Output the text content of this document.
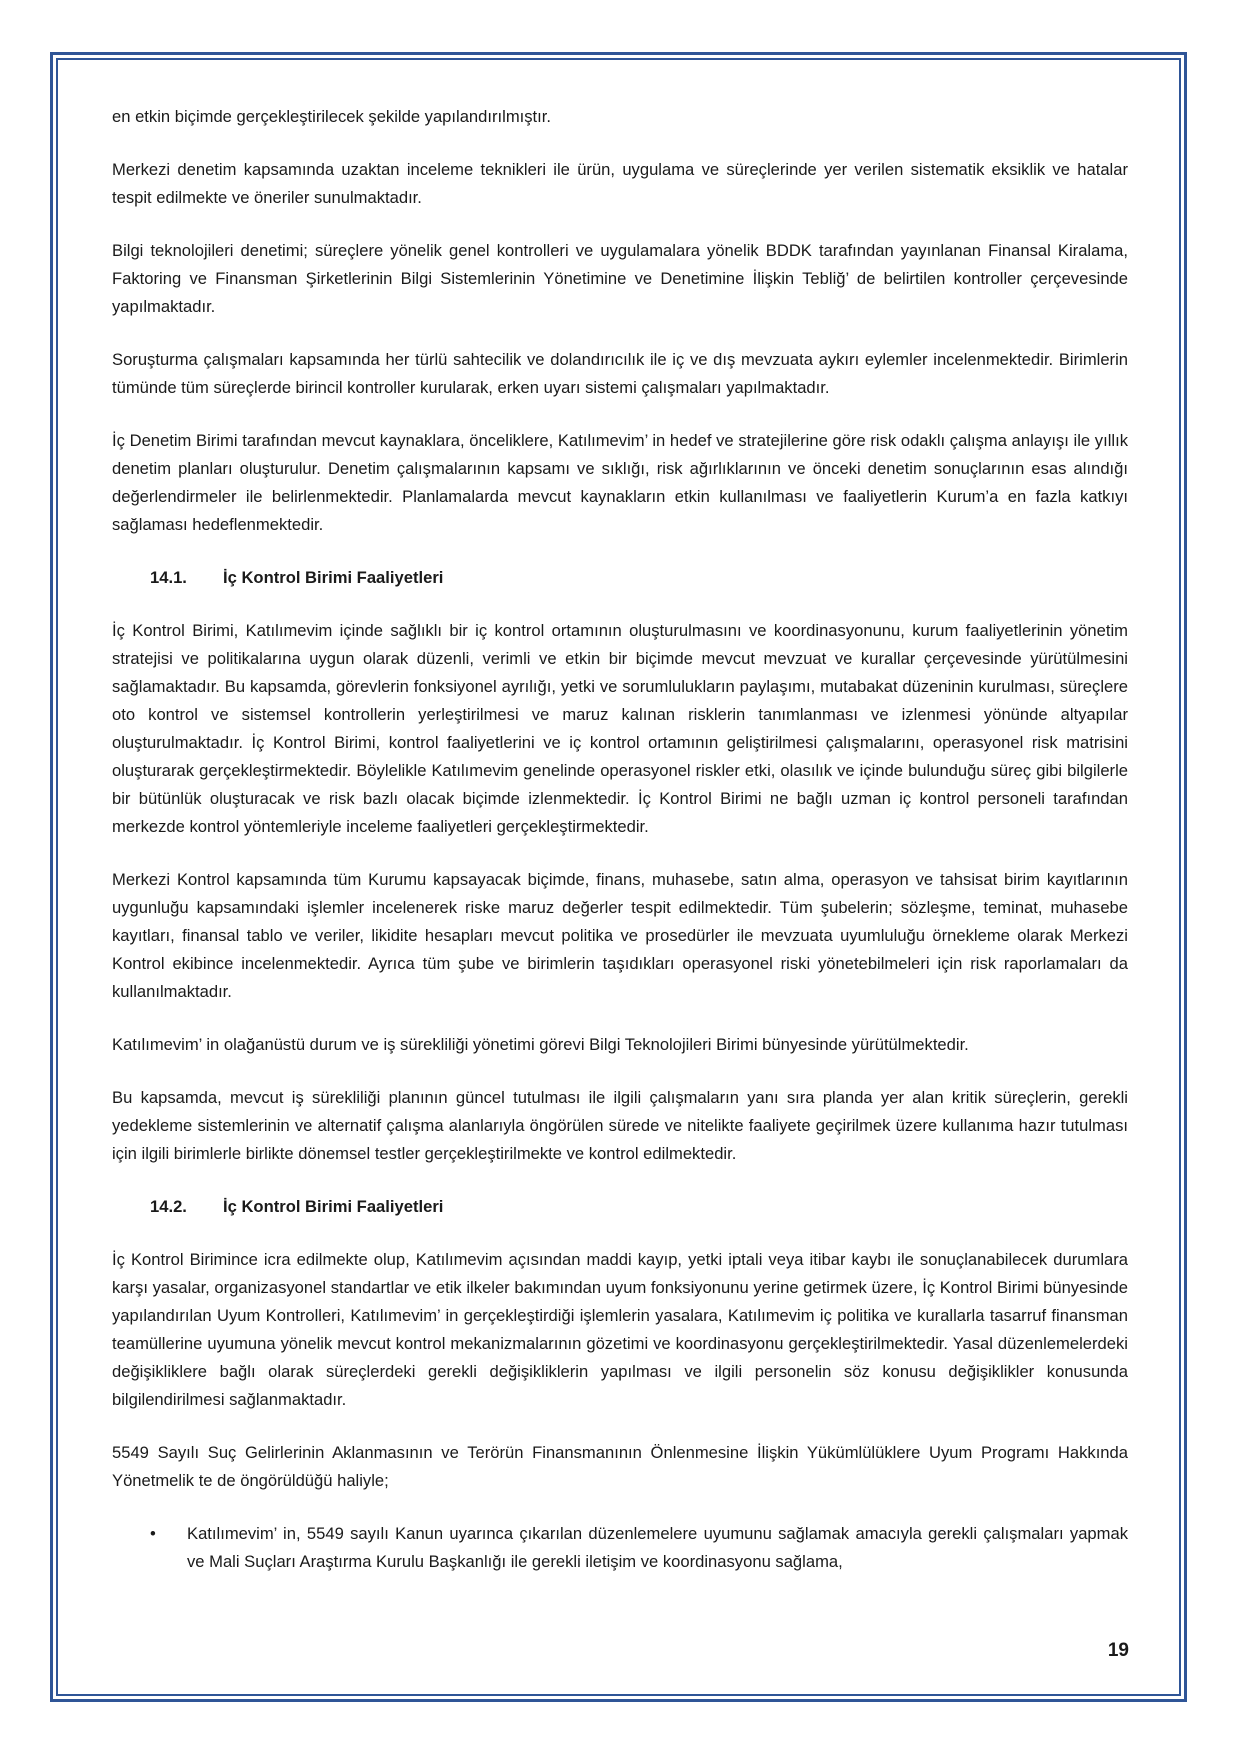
en etkin biçimde gerçekleştirilecek şekilde yapılandırılmıştır.

Merkezi denetim kapsamında uzaktan inceleme teknikleri ile ürün, uygulama ve süreçlerinde yer verilen sistematik eksiklik ve hatalar tespit edilmekte ve öneriler sunulmaktadır.

Bilgi teknolojileri denetimi; süreçlere yönelik genel kontrolleri ve uygulamalara yönelik BDDK tarafından yayınlanan Finansal Kiralama, Faktoring ve Finansman Şirketlerinin Bilgi Sistemlerinin Yönetimine ve Denetimine İlişkin Tebliğ’ de belirtilen kontroller çerçevesinde yapılmaktadır.

Soruşturma çalışmaları kapsamında her türlü sahtecilik ve dolandırıcılık ile iç ve dış mevzuata aykırı eylemler incelenmektedir. Birimlerin tümünde tüm süreçlerde birincil kontroller kurularak, erken uyarı sistemi çalışmaları yapılmaktadır.

İç Denetim Birimi tarafından mevcut kaynaklara, önceliklere, Katılımevim’ in hedef ve stratejilerine göre risk odaklı çalışma anlayışı ile yıllık denetim planları oluşturulur. Denetim çalışmalarının kapsamı ve sıklığı, risk ağırlıklarının ve önceki denetim sonuçlarının esas alındığı değerlendirmeler ile belirlenmektedir. Planlamalarda mevcut kaynakların etkin kullanılması ve faaliyetlerin Kurum’a en fazla katkıyı sağlaması hedeflenmektedir.

14.1. İç Kontrol Birimi Faaliyetleri

İç Kontrol Birimi, Katılımevim içinde sağlıklı bir iç kontrol ortamının oluşturulmasını ve koordinasyonunu, kurum faaliyetlerinin yönetim stratejisi ve politikalarına uygun olarak düzenli, verimli ve etkin bir biçimde mevcut mevzuat ve kurallar çerçevesinde yürütülmesini sağlamaktadır. Bu kapsamda, görevlerin fonksiyonel ayrılığı, yetki ve sorumlulukların paylaşımı, mutabakat düzeninin kurulması, süreçlere oto kontrol ve sistemsel kontrollerin yerleştirilmesi ve maruz kalınan risklerin tanımlanması ve izlenmesi yönünde altyapılar oluşturulmaktadır. İç Kontrol Birimi, kontrol faaliyetlerini ve iç kontrol ortamının geliştirilmesi çalışmalarını, operasyonel risk matrisini oluşturarak gerçekleştirmektedir. Böylelikle Katılımevim genelinde operasyonel riskler etki, olasılık ve içinde bulunduğu süreç gibi bilgilerle bir bütünlük oluşturacak ve risk bazlı olacak biçimde izlenmektedir. İç Kontrol Birimi ne bağlı uzman iç kontrol personeli tarafından merkezde kontrol yöntemleriyle inceleme faaliyetleri gerçekleştirmektedir.

Merkezi Kontrol kapsamında tüm Kurumu kapsayacak biçimde, finans, muhasebe, satın alma, operasyon ve tahsisat birim kayıtlarının uygunluğu kapsamındaki işlemler incelenerek riske maruz değerler tespit edilmektedir. Tüm şubelerin; sözleşme, teminat, muhasebe kayıtları, finansal tablo ve veriler, likidite hesapları mevcut politika ve prosedürler ile mevzuata uyumluluğu örnekleme olarak Merkezi Kontrol ekibince incelenmektedir. Ayrıca tüm şube ve birimlerin taşıdıkları operasyonel riski yönetebilmeleri için risk raporlamaları da kullanılmaktadır.

Katılımevim’ in olağanüstü durum ve iş sürekliliği yönetimi görevi Bilgi Teknolojileri Birimi bünyesinde yürütülmektedir.

Bu kapsamda, mevcut iş sürekliliği planının güncel tutulması ile ilgili çalışmaların yanı sıra planda yer alan kritik süreçlerin, gerekli yedekleme sistemlerinin ve alternatif çalışma alanlarıyla öngörülen sürede ve nitelikte faaliyete geçirilmek üzere kullanıma hazır tutulması için ilgili birimlerle birlikte dönemsel testler gerçekleştirilmekte ve kontrol edilmektedir.

14.2. İç Kontrol Birimi Faaliyetleri

İç Kontrol Birimince icra edilmekte olup, Katılımevim açısından maddi kayıp, yetki iptali veya itibar kaybı ile sonuçlanabilecek durumlara karşı yasalar, organizasyonel standartlar ve etik ilkeler bakımından uyum fonksiyonunu yerine getirmek üzere, İç Kontrol Birimi bünyesinde yapılandırılan Uyum Kontrolleri, Katılımevim’ in gerçekleştirdiği işlemlerin yasalara, Katılımevim iç politika ve kurallarla tasarruf finansman teamüllerine uyumuna yönelik mevcut kontrol mekanizmalarının gözetimi ve koordinasyonu gerçekleştirilmektedir. Yasal düzenlemelerdeki değişikliklere bağlı olarak süreçlerdeki gerekli değişikliklerin yapılması ve ilgili personelin söz konusu değişiklikler konusunda bilgilendirilmesi sağlanmaktadır.

5549 Sayılı Suç Gelirlerinin Aklanmasının ve Terörün Finansmanının Önlenmesine İlişkin Yükümlülüklere Uyum Programı Hakkında Yönetmelik te de öngörüldüğü haliyle;

• Katılımevim’ in, 5549 sayılı Kanun uyarınca çıkarılan düzenlemelere uyumunu sağlamak amacıyla gerekli çalışmaları yapmak ve Mali Suçları Araştırma Kurulu Başkanlığı ile gerekli iletişim ve koordinasyonu sağlama,
19
